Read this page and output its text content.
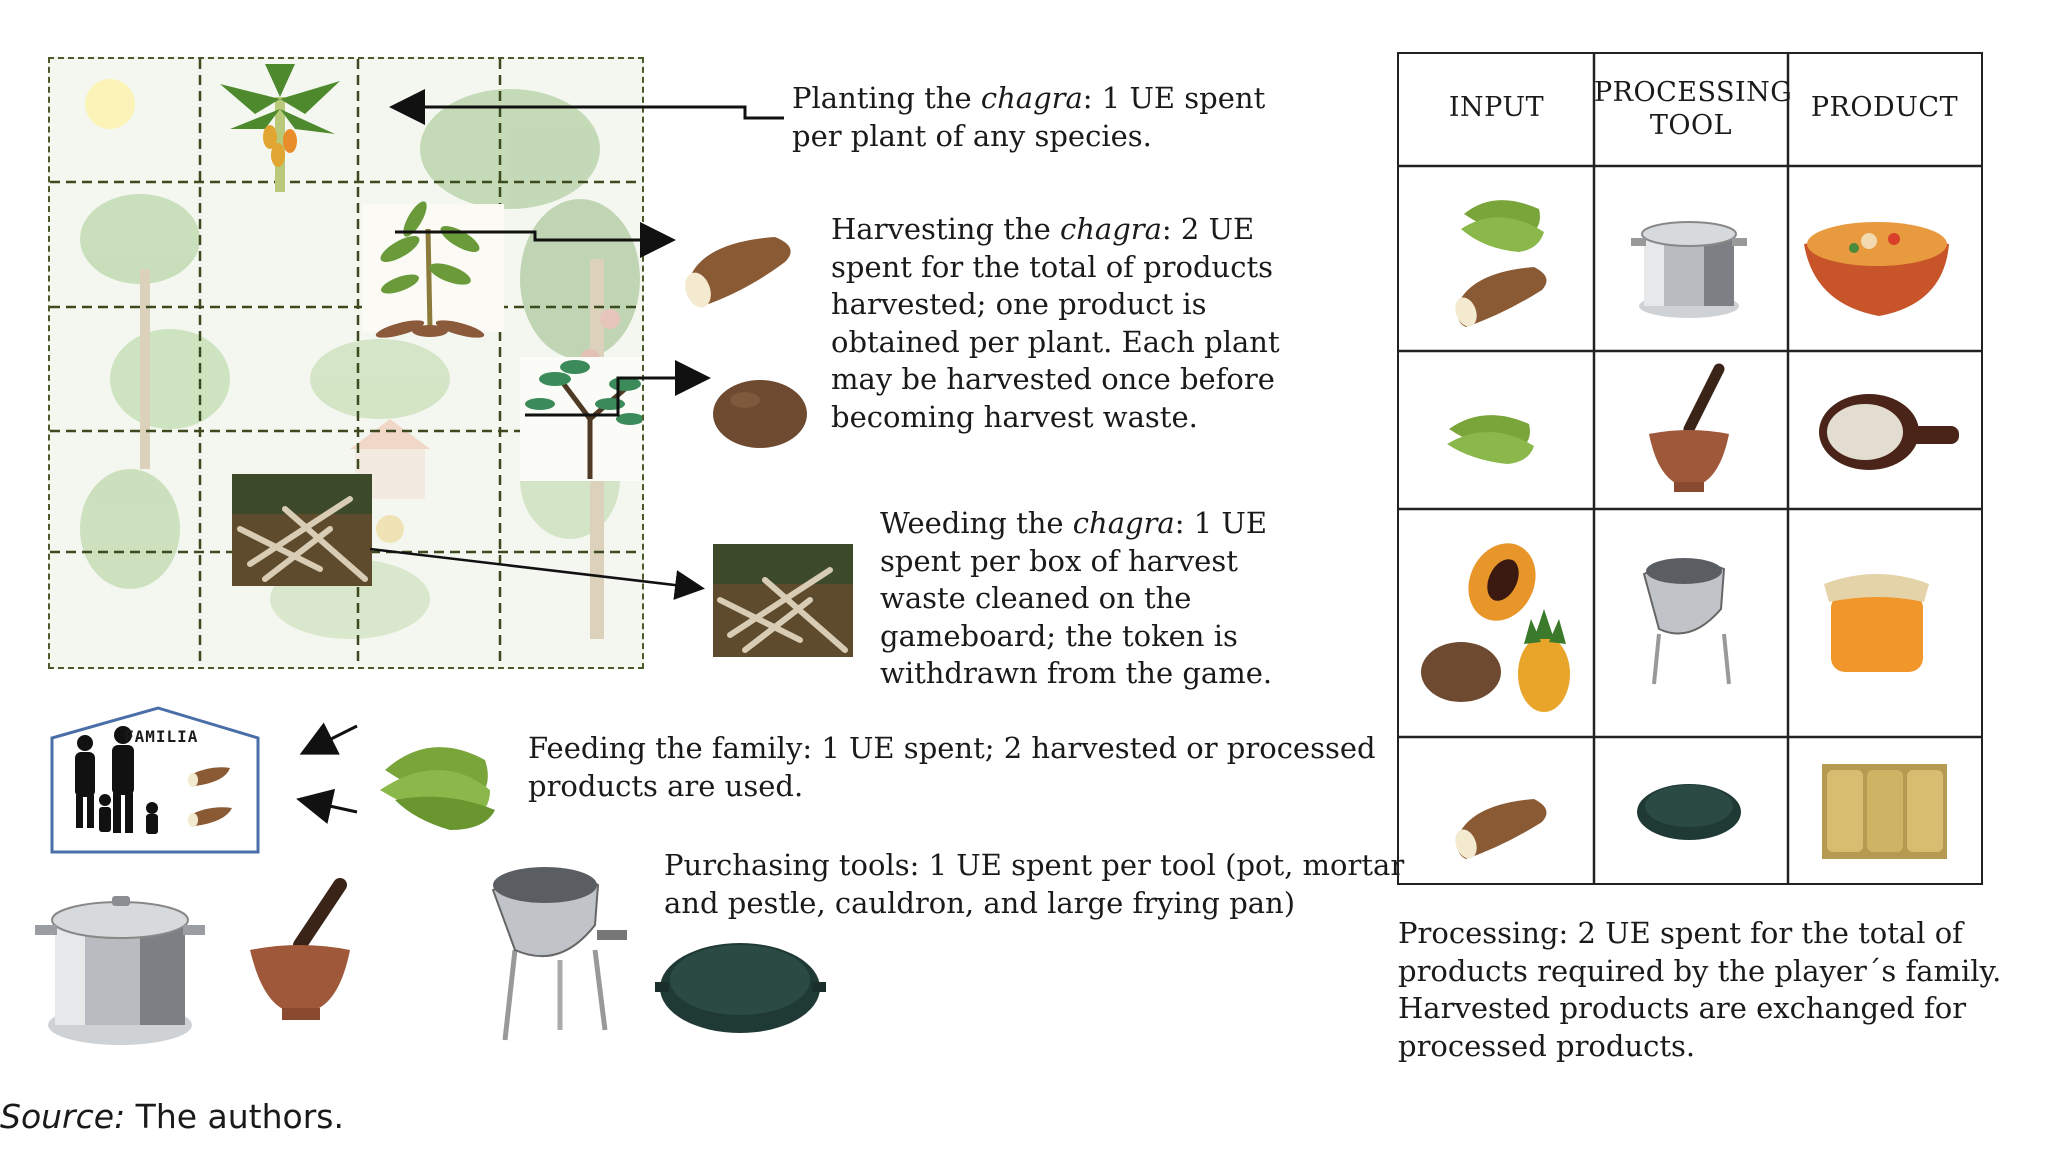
Planting the chagra: 1 UE spent
per plant of any species.
Harvesting the chagra: 2 UE
spent for the total of products
harvested; one product is
obtained per plant. Each plant
may be harvested once before
becoming harvest waste.
Weeding the chagra: 1 UE
spent per box of harvest
waste cleaned on the
gameboard; the token is
withdrawn from the game.
Feeding the family: 1 UE spent; 2 harvested or processed
products are used.
Purchasing tools: 1 UE spent per tool (pot, mortar
and pestle, cauldron, and large frying pan)
FAMILIA
INPUT	PROCESSING
TOOL
PRODUCT
Processing: 2 UE spent for the total of
products required by the player´s family.
Harvested products are exchanged for
processed products.
Source: The authors.
